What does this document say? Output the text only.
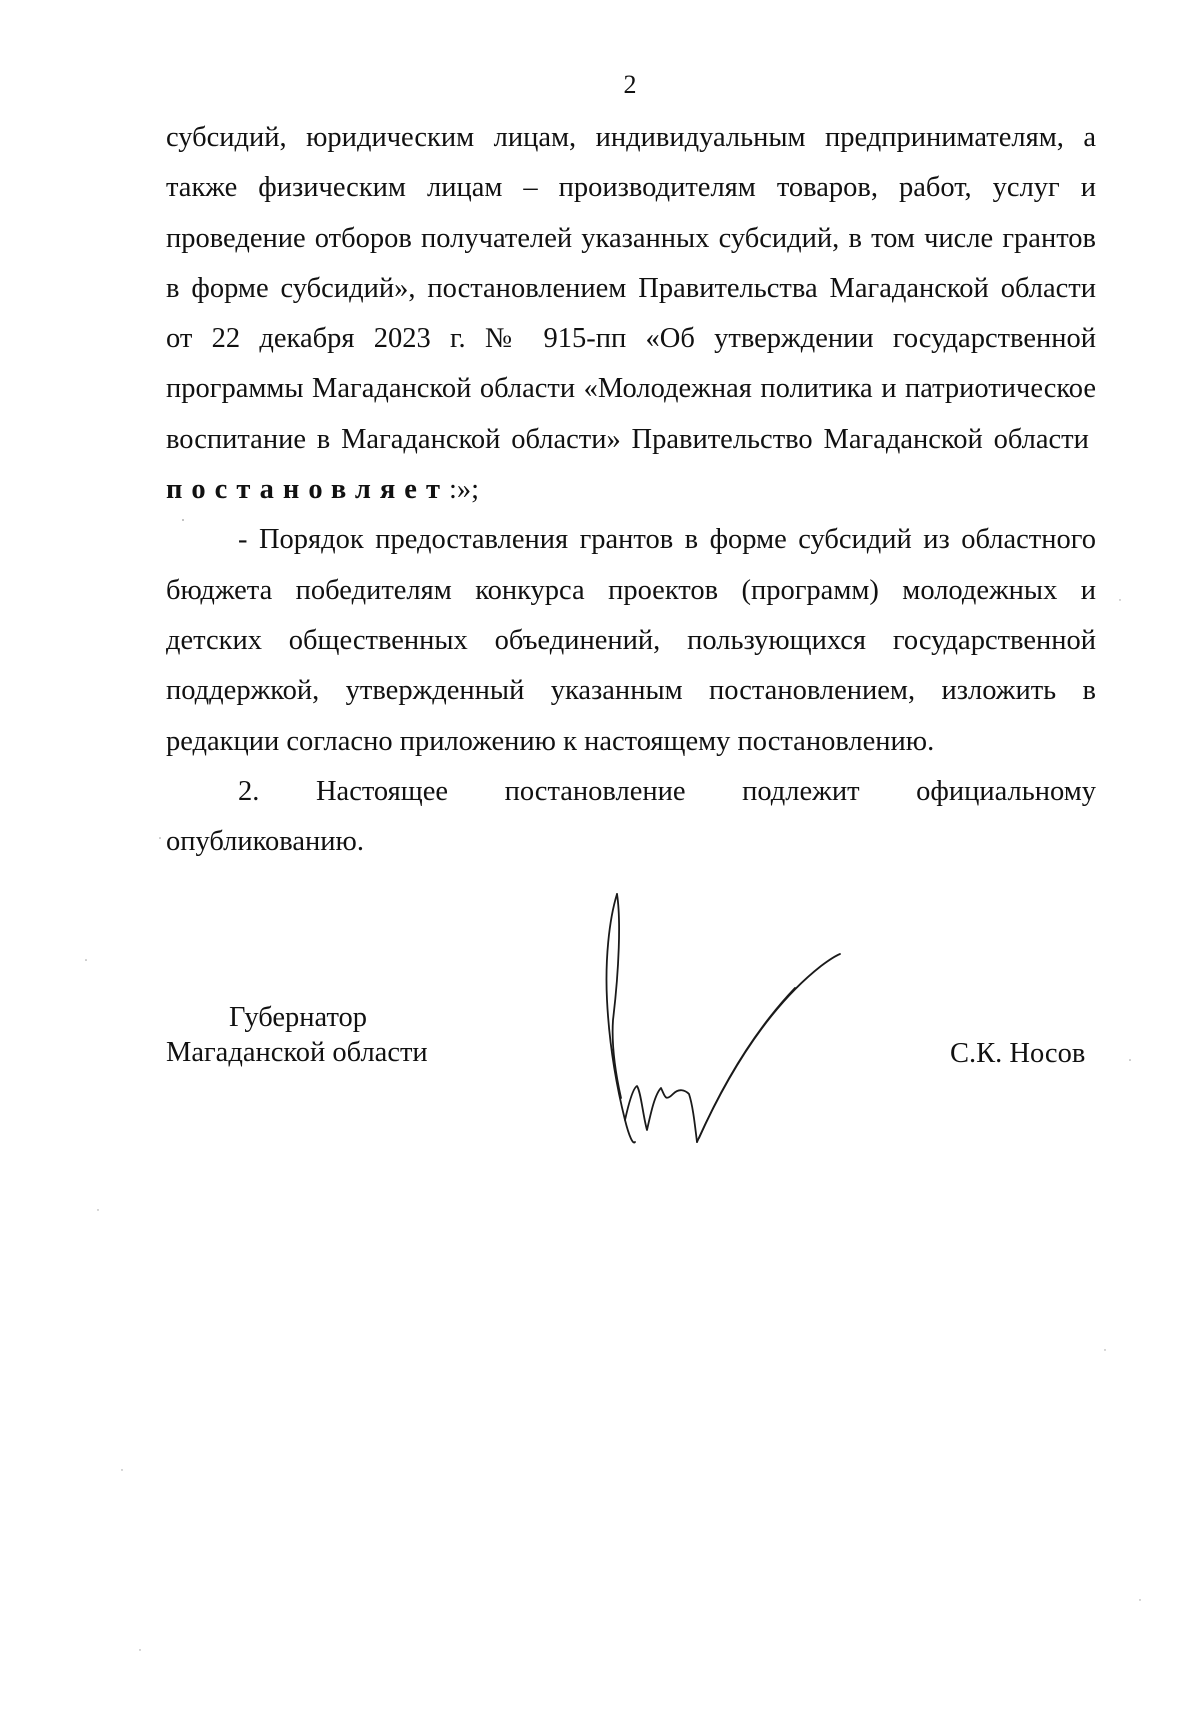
2

субсидий, юридическим лицам, индивидуальным предпринимателям, а также физическим лицам – производителям товаров, работ, услуг и проведение отборов получателей указанных субсидий, в том числе грантов в форме субсидий», постановлением Правительства Магаданской области от 22 декабря 2023 г. № 915-пп «Об утверждении государственной программы Магаданской области «Молодежная политика и патриотическое воспитание в Магаданской области» Правительство Магаданской области  постановляет:»;

- Порядок предоставления грантов в форме субсидий из областного бюджета победителям конкурса проектов (программ) молодежных и детских общественных объединений, пользующихся государственной поддержкой, утвержденный указанным постановлением, изложить в редакции согласно приложению к настоящему постановлению.

2. Настоящее постановление подлежит официальному опубликованию.

Губернатор
Магаданской области	С.К. Носов
